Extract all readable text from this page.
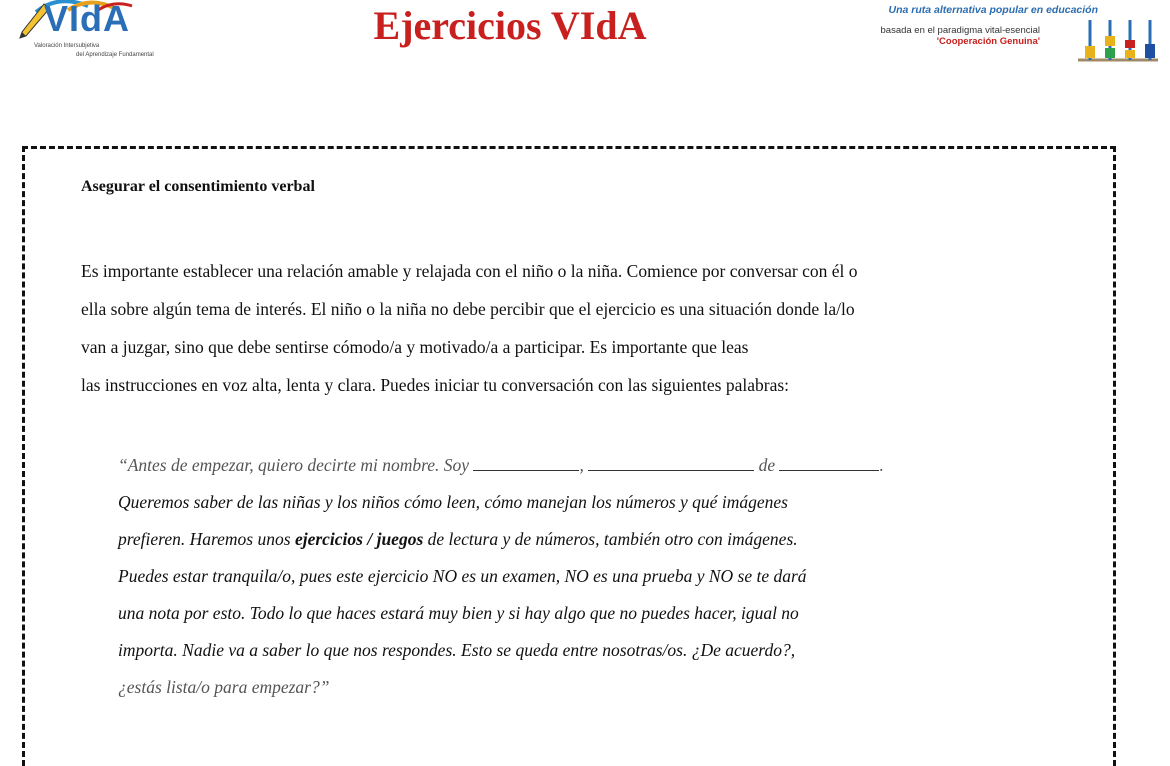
VIdA
Valoración Intersubjetiva
del Aprendizaje Fundamental
Ejercicios VIdA	Una ruta alternativa popular en educación
basada en el paradigma vital-esencial
'Cooperación Genuina'
Asegurar el consentimiento verbal
Es importante establecer una relación amable y relajada con el niño o la niña. Comience por conversar con él o
ella sobre algún tema de interés. El niño o la niña no debe percibir que el ejercicio es una situación donde la/lo
van a juzgar, sino que debe sentirse cómodo/a y motivado/a a participar. Es importante que leas
las instrucciones en voz alta, lenta y clara. Puedes iniciar tu conversación con las siguientes palabras:
“Antes de empezar, quiero decirte mi nombre. Soy	,	de	.
Queremos saber de las niñas y los niños cómo leen, cómo manejan los números y qué imágenes
prefieren. Haremos unos ejercicios / juegos de lectura y de números, también otro con imágenes.
Puedes estar tranquila/o, pues este ejercicio NO es un examen, NO es una prueba y NO se te dará
una nota por esto. Todo lo que haces estará muy bien y si hay algo que no puedes hacer, igual no
importa. Nadie va a saber lo que nos respondes. Esto se queda entre nosotras/os. ¿De acuerdo?,
¿estás lista/o para empezar?”
